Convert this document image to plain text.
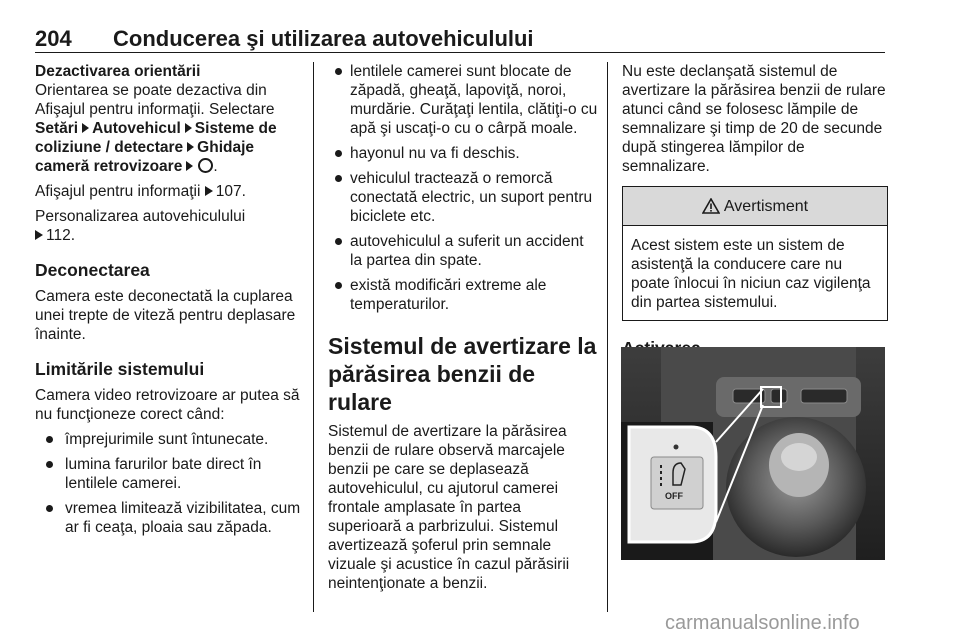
204 Conducerea şi utilizarea autovehiculului

Dezactivarea orientării

Orientarea se poate dezactiva din Afişajul pentru informaţii. Selectare
Setări Autovehicul Sisteme de coliziune / detectare Ghidaje cameră retrovizoare .

Afişajul pentru informaţii 107.

Personalizarea autovehiculului
112.

Deconectarea

Camera este deconectată la cuplarea unei trepte de viteză pentru deplasare înainte.

Limitările sistemului

Camera video retrovizoare ar putea să nu funcţioneze corect când:

împrejurimile sunt întunecate.
lumina farurilor bate direct în lentilele camerei.
vremea limitează vizibilitatea, cum ar fi ceaţa, ploaia sau zăpada.
lentilele camerei sunt blocate de zăpadă, gheaţă, lapoviţă, noroi, murdărie. Curăţaţi lentila, clătiţi-o cu apă şi uscaţi-o cu o cârpă moale.
hayonul nu va fi deschis.
vehiculul tractează o remorcă conectată electric, un suport pentru biciclete etc.
autovehiculul a suferit un accident la partea din spate.
există modificări extreme ale temperaturilor.
Sistemul de avertizare la părăsirea benzii de rulare

Sistemul de avertizare la părăsirea benzii de rulare observă marcajele benzii pe care se deplasează autovehiculul, cu ajutorul camerei frontale amplasate în partea superioară a parbrizului. Sistemul avertizează şoferul prin semnale vizuale şi acustice în cazul părăsirii neintenţionate a benzii.

Nu este declanşată sistemul de avertizare la părăsirea benzii de rulare atunci când se folosesc lămpile de semnalizare şi timp de 20 de secunde după stingerea lămpilor de semnalizare.

Avertisment
Acest sistem este un sistem de asistenţă la conducere care nu poate înlocui în niciun caz vigilenţa din partea sistemului.
OFF
carmanualsonline.info
